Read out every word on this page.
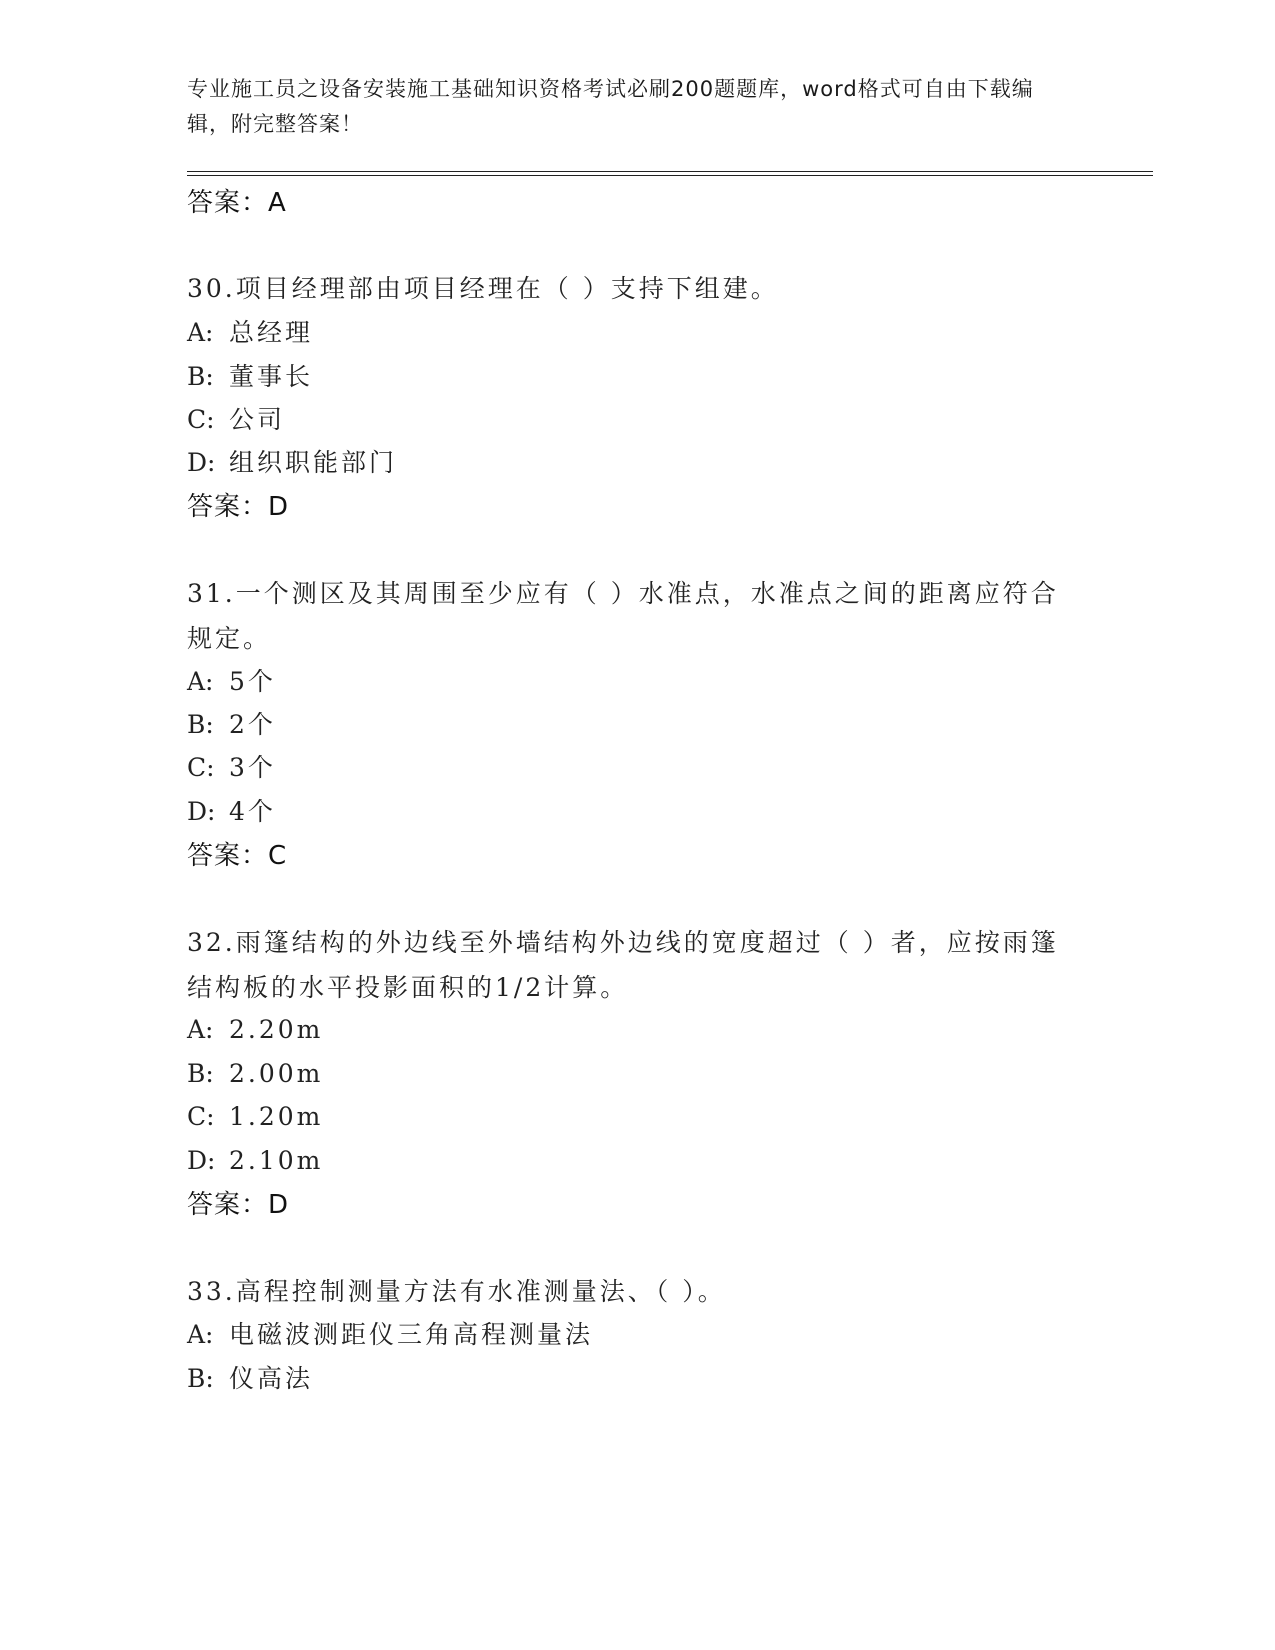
专业施工员之设备安装施工基础知识资格考试必刷200题题库，word格式可自由下载编辑，附完整答案！
答案：A
30.项目经理部由项目经理在（ ）支持下组建。
A: 总经理
B: 董事长
C: 公司
D: 组织职能部门
答案：D
31.一个测区及其周围至少应有（ ）水准点，水准点之间的距离应符合规定。
A: 5个
B: 2个
C: 3个
D: 4个
答案：C
32.雨篷结构的外边线至外墙结构外边线的宽度超过（ ）者，应按雨篷结构板的水平投影面积的1/2计算。
A: 2.20m
B: 2.00m
C: 1.20m
D: 2.10m
答案：D
33.高程控制测量方法有水准测量法、（ ）。
A: 电磁波测距仪三角高程测量法
B: 仪高法
